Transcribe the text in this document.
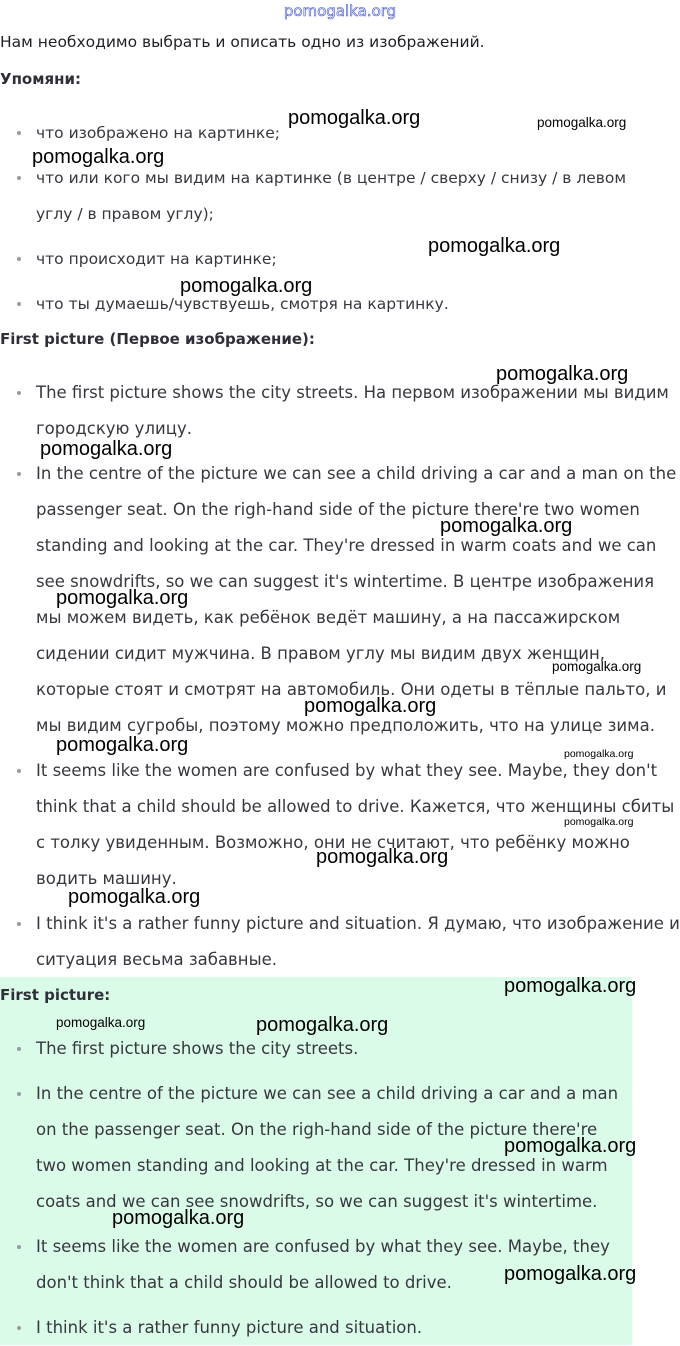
pomogalka.org
Нам необходимо выбрать и описать одно из изображений.
Упомяни:
что изображено на картинке;
что или кого мы видим на картинке (в центре / сверху / снизу / в левом углу / в правом углу);
что происходит на картинке;
что ты думаешь/чувствуешь, смотря на картинку.
First picture (Первое изображение):
The first picture shows the city streets. На первом изображении мы видим городскую улицу.
In the centre of the picture we can see a child driving a car and a man on the passenger seat. On the righ-hand side of the picture there're two women standing and looking at the car. They're dressed in warm coats and we can see snowdrifts, so we can suggest it's wintertime. В центре изображения мы можем видеть, как ребёнок ведёт машину, а на пассажирском сидении сидит мужчина. В правом углу мы видим двух женщин, которые стоят и смотрят на автомобиль. Они одеты в тёплые пальто, и мы видим сугробы, поэтому можно предположить, что на улице зима.
It seems like the women are confused by what they see. Maybe, they don't think that a child should be allowed to drive. Кажется, что женщины сбиты с толку увиденным. Возможно, они не считают, что ребёнку можно водить машину.
I think it's a rather funny picture and situation. Я думаю, что изображение и ситуация весьма забавные.
First picture:
The first picture shows the city streets.
In the centre of the picture we can see a child driving a car and a man on the passenger seat. On the righ-hand side of the picture there're two women standing and looking at the car. They're dressed in warm coats and we can see snowdrifts, so we can suggest it's wintertime.
It seems like the women are confused by what they see. Maybe, they don't think that a child should be allowed to drive.
I think it's a rather funny picture and situation.
pomogalka.org	pomogalka.org
pomogalka.org
pomogalka.org
pomogalka.org
pomogalka.org
pomogalka.org
pomogalka.org
pomogalka.org
pomogalka.org
pomogalka.org
pomogalka.org	pomogalka.org
pomogalka.org
pomogalka.org
pomogalka.org
pomogalka.org
pomogalka.org	pomogalka.org
pomogalka.org
pomogalka.org
pomogalka.org
